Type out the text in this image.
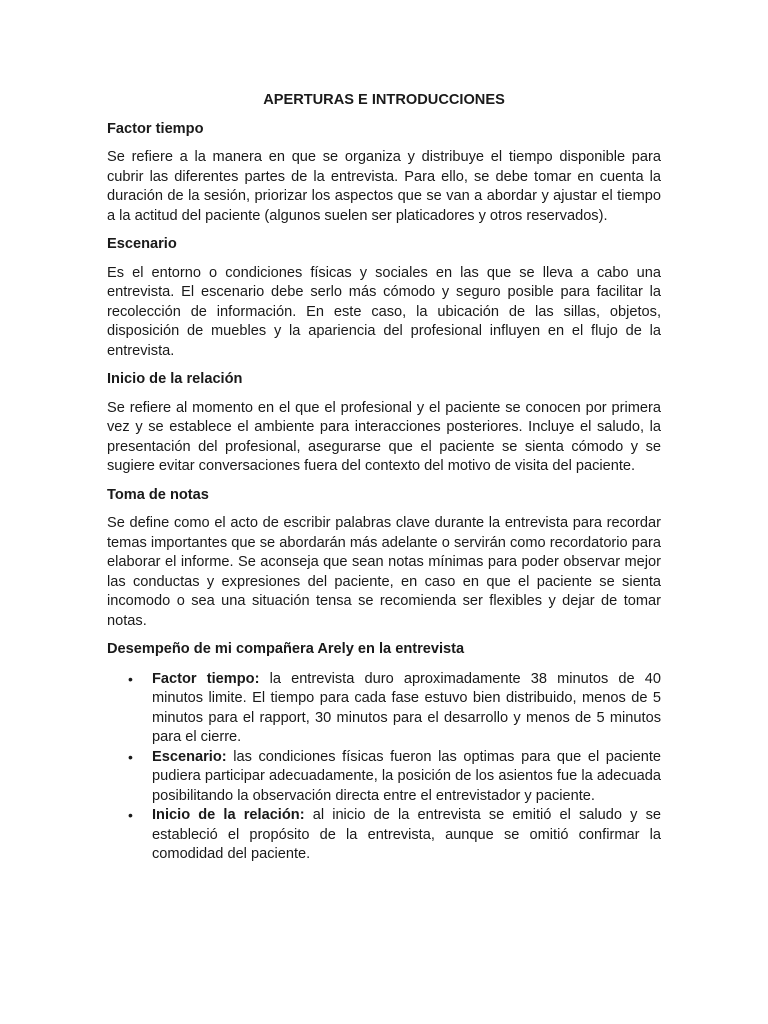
APERTURAS E INTRODUCCIONES
Factor tiempo
Se refiere a la manera en que se organiza y distribuye el tiempo disponible para cubrir las diferentes partes de la entrevista. Para ello, se debe tomar en cuenta la duración de la sesión, priorizar los aspectos que se van a abordar y ajustar el tiempo a la actitud del paciente (algunos suelen ser platicadores y otros reservados).
Escenario
Es el entorno o condiciones físicas y sociales en las que se lleva a cabo una entrevista. El escenario debe serlo más cómodo y seguro posible para facilitar la recolección de información. En este caso, la ubicación de las sillas, objetos, disposición de muebles y la apariencia del profesional influyen en el flujo de la entrevista.
Inicio de la relación
Se refiere al momento en el que el profesional y el paciente se conocen por primera vez y se establece el ambiente para interacciones posteriores. Incluye el saludo, la presentación del profesional, asegurarse que el paciente se sienta cómodo y se sugiere evitar conversaciones fuera del contexto del motivo de visita del paciente.
Toma de notas
Se define como el acto de escribir palabras clave durante la entrevista para recordar temas importantes que se abordarán más adelante o servirán como recordatorio para elaborar el informe. Se aconseja que sean notas mínimas para poder observar mejor las conductas y expresiones del paciente, en caso en que el paciente se sienta incomodo o sea una situación tensa se recomienda ser flexibles y dejar de tomar notas.
Desempeño de mi compañera Arely en la entrevista
• Factor tiempo: la entrevista duro aproximadamente 38 minutos de 40 minutos limite. El tiempo para cada fase estuvo bien distribuido, menos de 5 minutos para el rapport, 30 minutos para el desarrollo y menos de 5 minutos para el cierre.
• Escenario: las condiciones físicas fueron las optimas para que el paciente pudiera participar adecuadamente, la posición de los asientos fue la adecuada posibilitando la observación directa entre el entrevistador y paciente.
• Inicio de la relación: al inicio de la entrevista se emitió el saludo y se estableció el propósito de la entrevista, aunque se omitió confirmar la comodidad del paciente.
